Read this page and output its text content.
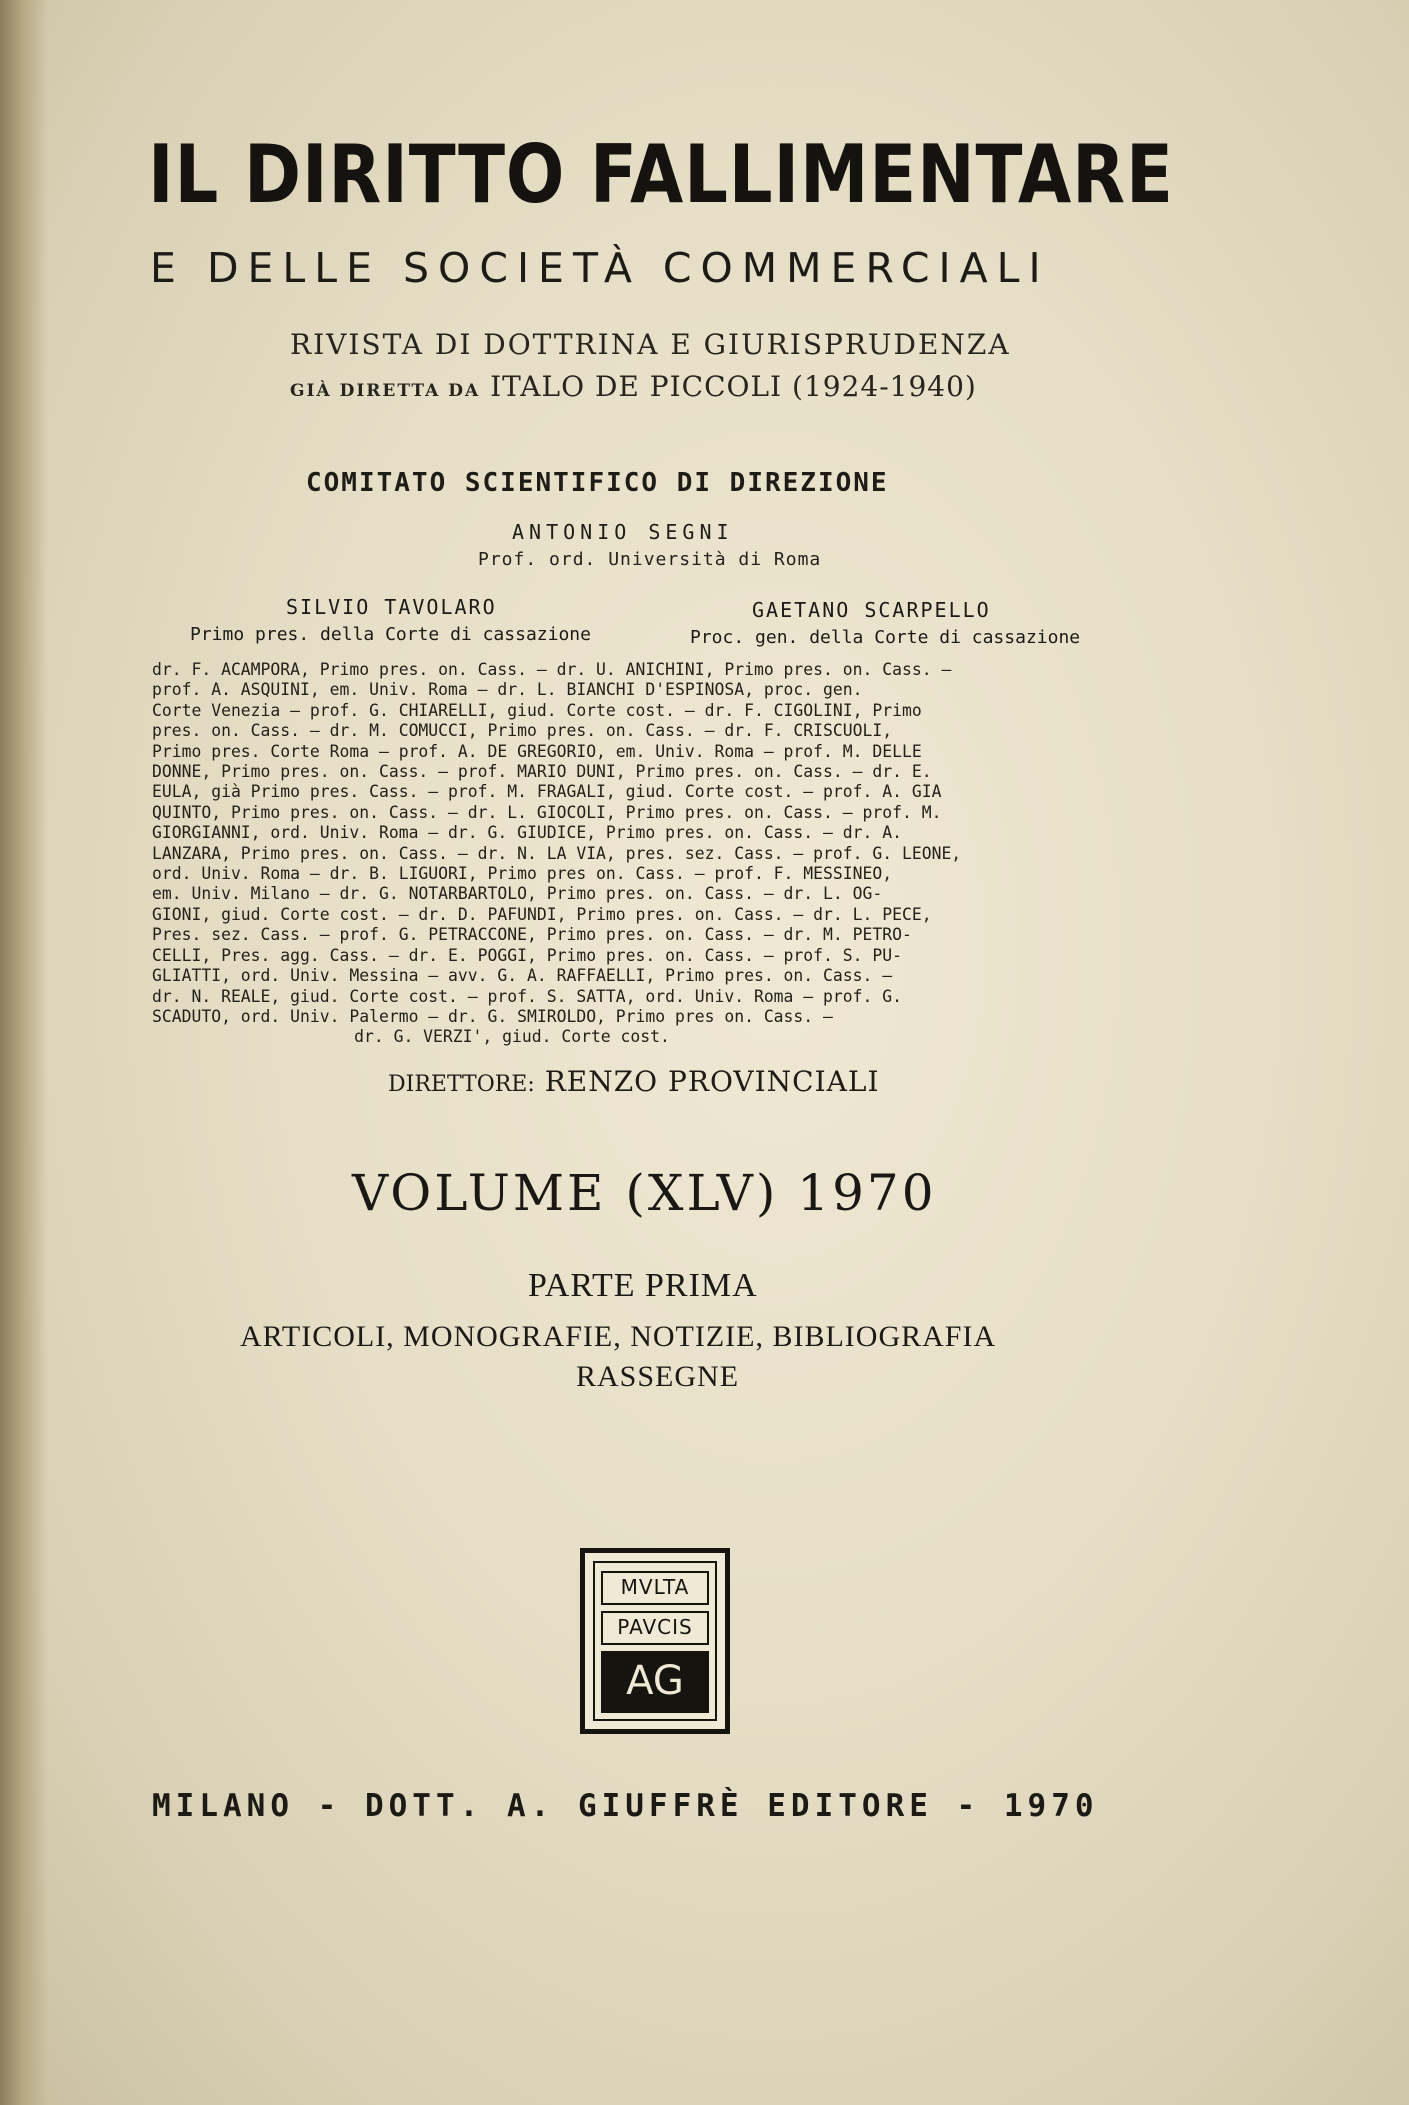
IL DIRITTO FALLIMENTARE
E DELLE SOCIETÀ COMMERCIALI
RIVISTA DI DOTTRINA E GIURISPRUDENZA
GIÀ DIRETTA DA ITALO DE PICCOLI (1924-1940)
COMITATO SCIENTIFICO DI DIREZIONE
ANTONIO SEGNI
Prof. ord. Università di Roma
SILVIO TAVOLARO
Primo pres. della Corte di cassazione
GAETANO SCARPELLO
Proc. gen. della Corte di cassazione
dr. F. ACAMPORA, Primo pres. on. Cass. — dr. U. ANICHINI, Primo pres. on. Cass. —
prof. A. ASQUINI, em. Univ. Roma — dr. L. BIANCHI D'ESPINOSA, proc. gen.
Corte Venezia — prof. G. CHIARELLI, giud. Corte cost. — dr. F. CIGOLINI, Primo
pres. on. Cass. — dr. M. COMUCCI, Primo pres. on. Cass. — dr. F. CRISCUOLI,
Primo pres. Corte Roma — prof. A. DE GREGORIO, em. Univ. Roma — prof. M. DELLE
DONNE, Primo pres. on. Cass. — prof. MARIO DUNI, Primo pres. on. Cass. — dr. E.
EULA, già Primo pres. Cass. — prof. M. FRAGALI, giud. Corte cost. — prof. A. GIA
QUINTO, Primo pres. on. Cass. — dr. L. GIOCOLI, Primo pres. on. Cass. — prof. M.
GIORGIANNI, ord. Univ. Roma — dr. G. GIUDICE, Primo pres. on. Cass. — dr. A.
LANZARA, Primo pres. on. Cass. — dr. N. LA VIA, pres. sez. Cass. — prof. G. LEONE,
ord. Univ. Roma — dr. B. LIGUORI, Primo pres on. Cass. — prof. F. MESSINEO,
em. Univ. Milano — dr. G. NOTARBARTOLO, Primo pres. on. Cass. — dr. L. OG-
GIONI, giud. Corte cost. — dr. D. PAFUNDI, Primo pres. on. Cass. — dr. L. PECE,
Pres. sez. Cass. — prof. G. PETRACCONE, Primo pres. on. Cass. — dr. M. PETRO-
CELLI, Pres. agg. Cass. — dr. E. POGGI, Primo pres. on. Cass. — prof. S. PU-
GLIATTI, ord. Univ. Messina — avv. G. A. RAFFAELLI, Primo pres. on. Cass. —
dr. N. REALE, giud. Corte cost. — prof. S. SATTA, ord. Univ. Roma — prof. G.
SCADUTO, ord. Univ. Palermo — dr. G. SMIROLDO, Primo pres on. Cass. —
dr. G. VERZI', giud. Corte cost.
DIRETTORE: RENZO PROVINCIALI
VOLUME (XLV) 1970
PARTE PRIMA
ARTICOLI, MONOGRAFIE, NOTIZIE, BIBLIOGRAFIA
RASSEGNE
MVLTA
PAVCIS
AG
MILANO - DOTT. A. GIUFFRÈ EDITORE - 1970
